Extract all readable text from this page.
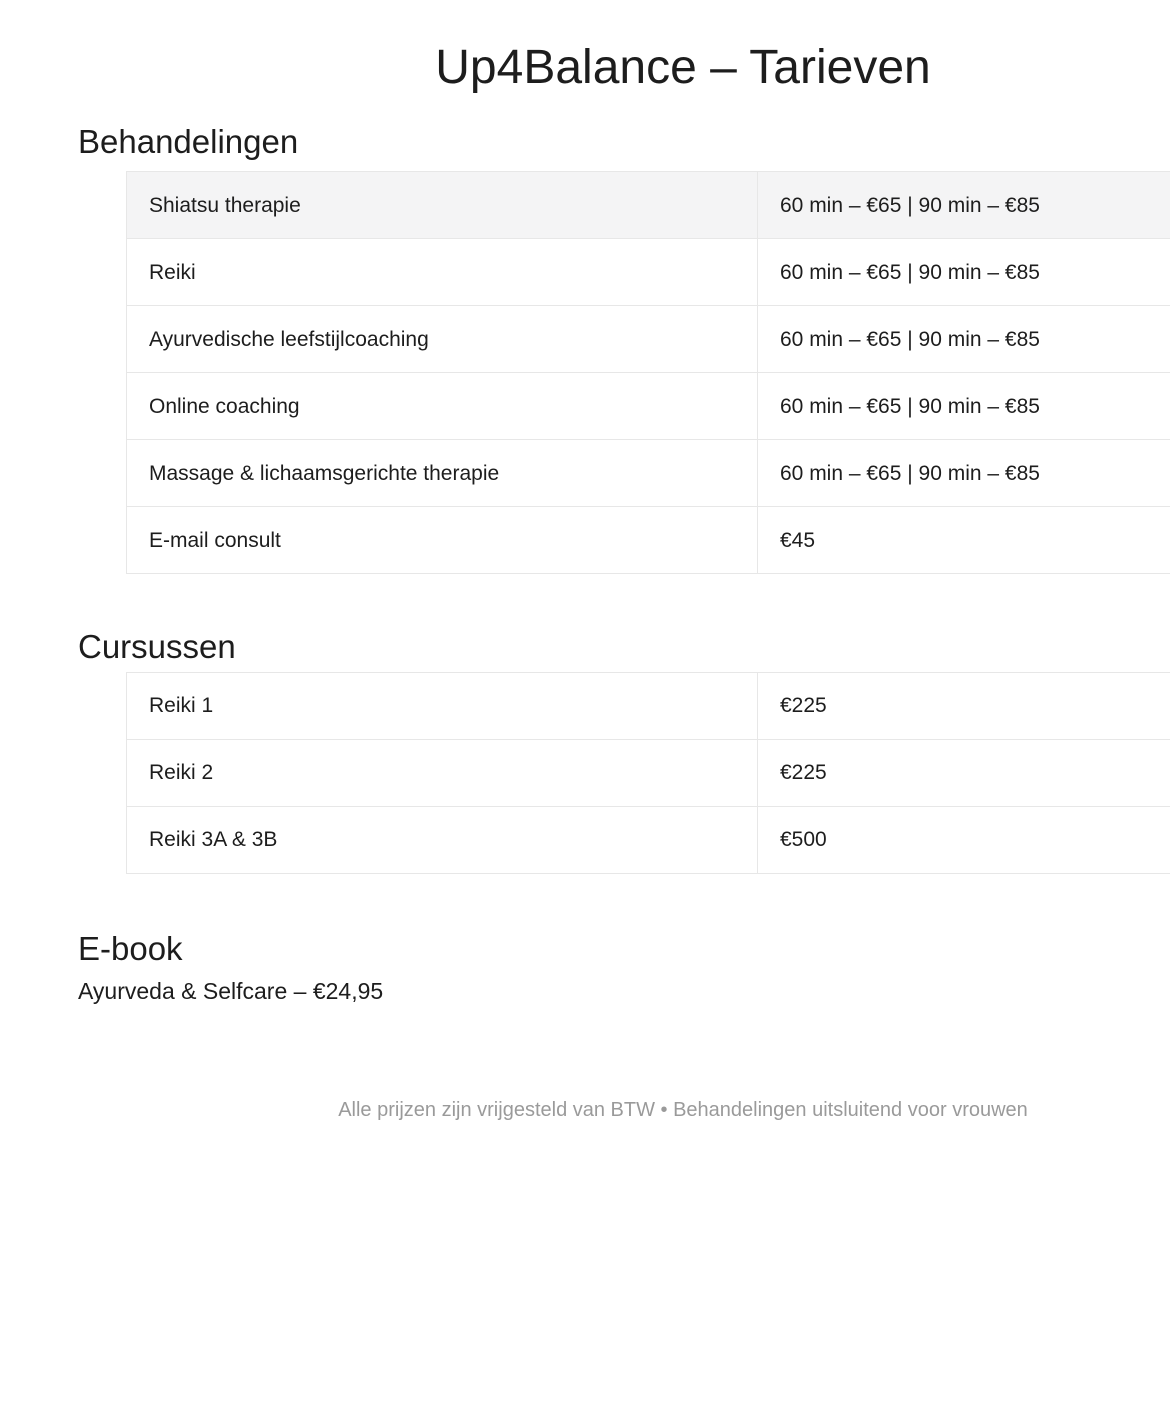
Up4Balance – Tarieven
Behandelingen
Shiatsu therapie	60 min – €65 | 90 min – €85
Reiki	60 min – €65 | 90 min – €85
Ayurvedische leefstijlcoaching	60 min – €65 | 90 min – €85
Online coaching	60 min – €65 | 90 min – €85
Massage & lichaamsgerichte therapie	60 min – €65 | 90 min – €85
E-mail consult	€45
Cursussen
Reiki 1	€225
Reiki 2	€225
Reiki 3A & 3B	€500
E-book

Ayurveda & Selfcare – €24,95

Alle prijzen zijn vrijgesteld van BTW • Behandelingen uitsluitend voor vrouwen
